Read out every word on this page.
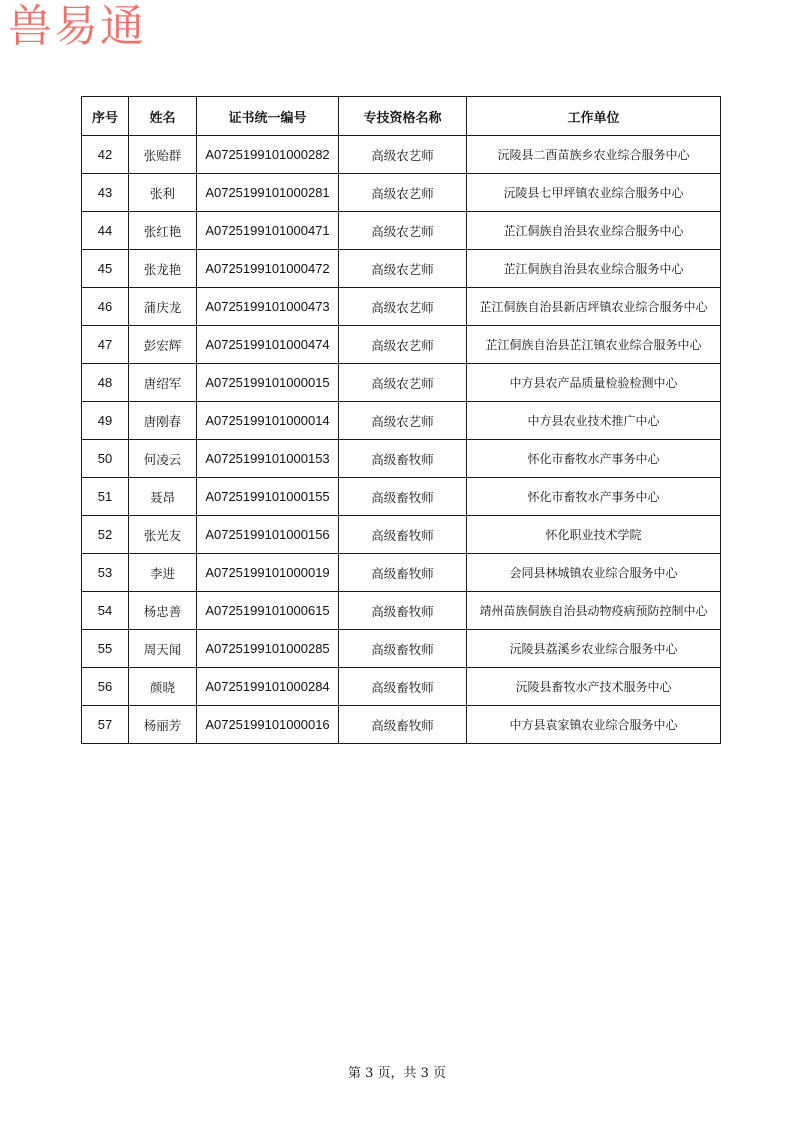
兽易通
序号	姓名	证书统一编号	专技资格名称	工作单位
42	张贻群	A0725199101000282	高级农艺师	沅陵县二酉苗族乡农业综合服务中心
43	张利	A0725199101000281	高级农艺师	沅陵县七甲坪镇农业综合服务中心
44	张红艳	A0725199101000471	高级农艺师	芷江侗族自治县农业综合服务中心
45	张龙艳	A0725199101000472	高级农艺师	芷江侗族自治县农业综合服务中心
46	蒲庆龙	A0725199101000473	高级农艺师	芷江侗族自治县新店坪镇农业综合服务中心
47	彭宏辉	A0725199101000474	高级农艺师	芷江侗族自治县芷江镇农业综合服务中心
48	唐绍军	A0725199101000015	高级农艺师	中方县农产品质量检验检测中心
49	唐刚春	A0725199101000014	高级农艺师	中方县农业技术推广中心
50	何凌云	A0725199101000153	高级畜牧师	怀化市畜牧水产事务中心
51	聂昂	A0725199101000155	高级畜牧师	怀化市畜牧水产事务中心
52	张光友	A0725199101000156	高级畜牧师	怀化职业技术学院
53	李进	A0725199101000019	高级畜牧师	会同县林城镇农业综合服务中心
54	杨忠善	A0725199101000615	高级畜牧师	靖州苗族侗族自治县动物疫病预防控制中心
55	周天闻	A0725199101000285	高级畜牧师	沅陵县荔溪乡农业综合服务中心
56	颜晓	A0725199101000284	高级畜牧师	沅陵县畜牧水产技术服务中心
57	杨丽芳	A0725199101000016	高级畜牧师	中方县袁家镇农业综合服务中心
第 3 页，共 3 页
